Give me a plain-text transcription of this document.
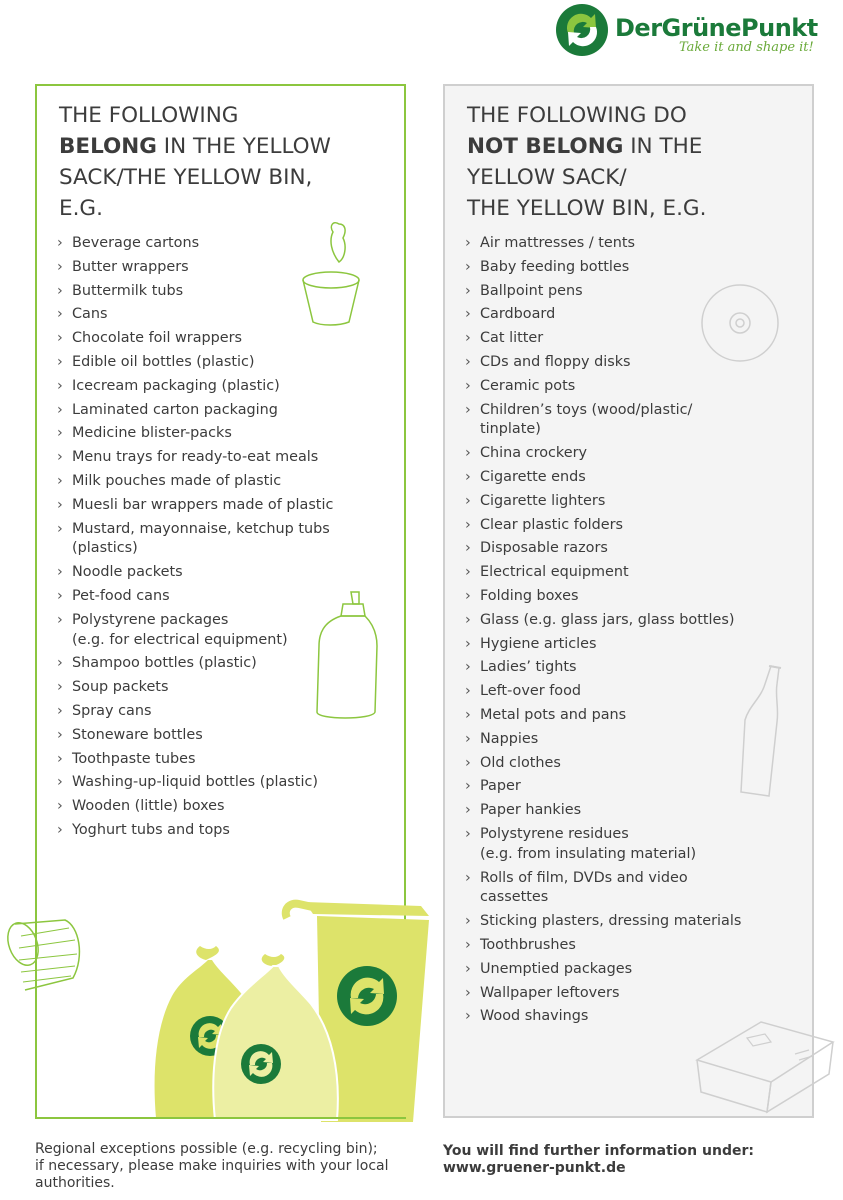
DerGrünePunkt
Take it and shape it!
THE FOLLOWING
BELONG IN THE YELLOW
SACK/THE YELLOW BIN,
E.G.
› Beverage cartons
› Butter wrappers
› Buttermilk tubs
› Cans
› Chocolate foil wrappers
› Edible oil bottles (plastic)
› Icecream packaging (plastic)
› Laminated carton packaging
› Medicine blister-packs
› Menu trays for ready-to-eat meals
› Milk pouches made of plastic
› Muesli bar wrappers made of plastic
› Mustard, mayonnaise, ketchup tubs
(plastics)
› Noodle packets
› Pet-food cans
› Polystyrene packages
(e.g. for electrical equipment)
› Shampoo bottles (plastic)
› Soup packets
› Spray cans
› Stoneware bottles
› Toothpaste tubes
› Washing-up-liquid bottles (plastic)
› Wooden (little) boxes
› Yoghurt tubs and tops
THE FOLLOWING DO
NOT BELONG IN THE
YELLOW SACK/
THE YELLOW BIN, E.G.
› Air mattresses / tents
› Baby feeding bottles
› Ballpoint pens
› Cardboard
› Cat litter
› CDs and floppy disks
› Ceramic pots
› Children’s toys (wood/plastic/
tinplate)
› China crockery
› Cigarette ends
› Cigarette lighters
› Clear plastic folders
› Disposable razors
› Electrical equipment
› Folding boxes
› Glass (e.g. glass jars, glass bottles)
› Hygiene articles
› Ladies’ tights
› Left-over food
› Metal pots and pans
› Nappies
› Old clothes
› Paper
› Paper hankies
› Polystyrene residues
(e.g. from insulating material)
› Rolls of film, DVDs and video
cassettes
› Sticking plasters, dressing materials
› Toothbrushes
› Unemptied packages
› Wallpaper leftovers
› Wood shavings
Regional exceptions possible (e.g. recycling bin);
if necessary, please make inquiries with your local
authorities.
You will find further information under:
www.gruener-punkt.de
